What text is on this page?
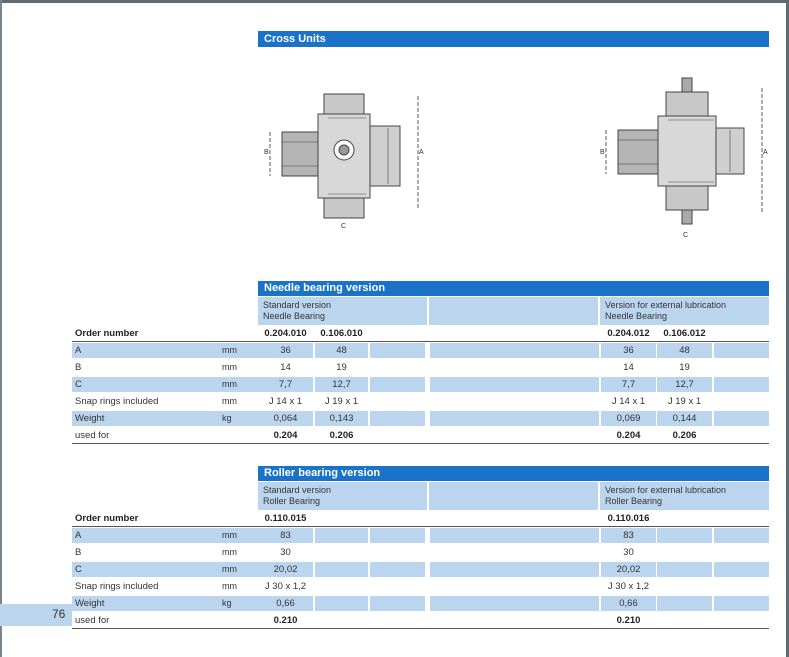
Cross Units
B	A
C
B	A
C
Needle bearing version
Standard version
Needle Bearing
Version for external lubrication
Needle Bearing
Order number	0.204.010	0.106.010	0.204.012	0.106.012
A	mm	36	48	36	48
B	mm	14	19	14	19
C	mm	7,7	12,7	7,7	12,7
Snap rings included	mm	J 14 x 1	J 19 x 1	J 14 x 1	J 19 x 1
Weight	kg	0,064	0,143	0,069	0,144
used for	0.204	0.206	0.204	0.206
Roller bearing version
Standard version
Roller Bearing
Version for external lubrication
Roller Bearing
Order number	0.110.015	0.110.016
A	mm	83	83
B	mm	30	30
C	mm	20,02	20,02
Snap rings included	mm	J 30 x 1,2	J 30 x 1,2
Weight	kg	0,66	0,66
used for	0.210	0.210
76
